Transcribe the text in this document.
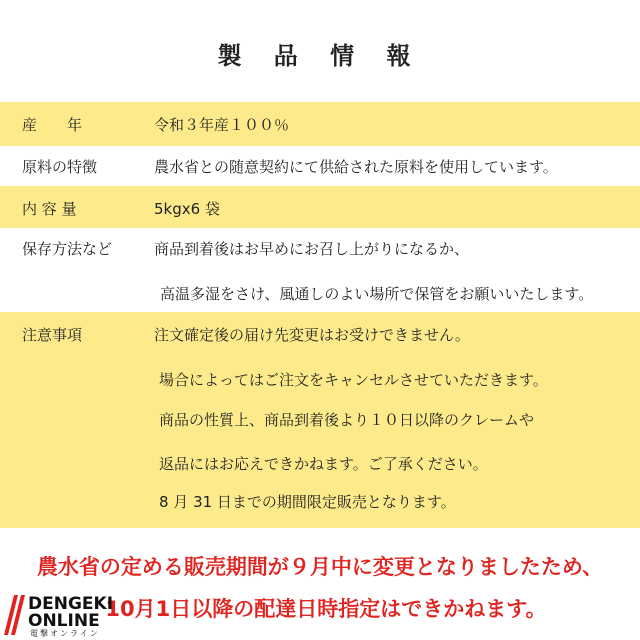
製 品 情 報
産　　年	令和３年産１００％
原料の特徴	農水省との随意契約にて供給された原料を使用しています。
内 容 量	5kgx6 袋
保存方法など	商品到着後はお早めにお召し上がりになるか、
高温多湿をさけ、風通しのよい場所で保管をお願いいたします。
注意事項	注文確定後の届け先変更はお受けできません。
場合によってはご注文をキャンセルさせていただきます。
商品の性質上、商品到着後より１０日以降のクレームや
返品にはお応えできかねます。ご了承ください。
8 月 31 日までの期間限定販売となります。
農水省の定める販売期間が９月中に変更となりましたため、
10月1日以降の配達日時指定はできかねます。
DENGEKI
ONLINE
電撃オンライン
